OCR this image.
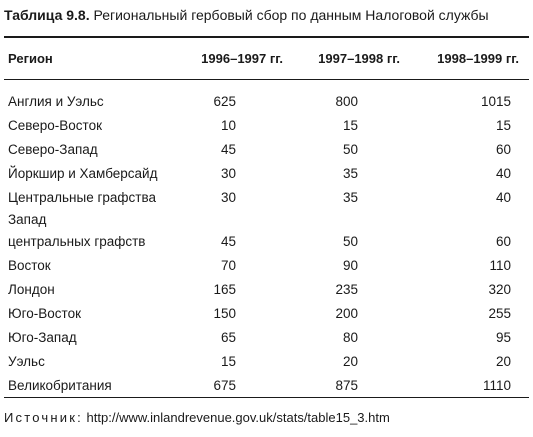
Таблица 9.8. Региональный гербовый сбор по данным Налоговой службы
Регион	1996–1997 гг.	1997–1998 гг.	1998–1999 гг.
Англия и Уэльс	625	800	1015
Северо-Восток	10	15	15
Северо-Запад	45	50	60
Йоркшир и Хамберсайд	30	35	40
Центральные графства	30	35	40
Запад
центральных графств	45	50	60
Восток	70	90	110
Лондон	165	235	320
Юго-Восток	150	200	255
Юго-Запад	65	80	95
Уэльс	15	20	20
Великобритания	675	875	1110
Источник: http://www.inlandrevenue.gov.uk/stats/table15_3.htm
